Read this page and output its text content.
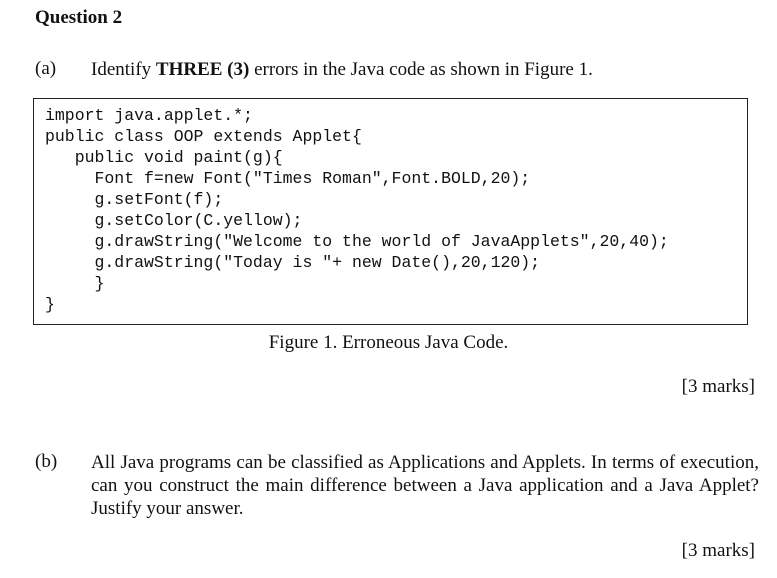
Question 2
(a) Identify THREE (3) errors in the Java code as shown in Figure 1.
import java.applet.*;
public class OOP extends Applet{
public void paint(g){
Font f=new Font("Times Roman",Font.BOLD,20);
g.setFont(f);
g.setColor(C.yellow);
g.drawString("Welcome to the world of JavaApplets",20,40);
g.drawString("Today is "+ new Date(),20,120);
}
}
Figure 1. Erroneous Java Code.
[3 marks]
(b) All Java programs can be classified as Applications and Applets. In terms of execution, can you construct the main difference between a Java application and a Java Applet? Justify your answer.
[3 marks]
